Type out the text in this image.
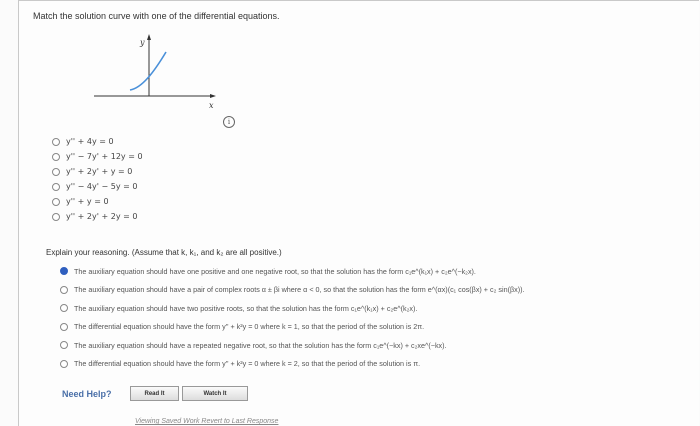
Match the solution curve with one of the differential equations.
y
x
i
y'' + 4y = 0
y'' − 7y' + 12y = 0
y'' + 2y' + y = 0
y'' − 4y' − 5y = 0
y'' + y = 0
y'' + 2y' + 2y = 0
Explain your reasoning. (Assume that k, k₁, and k₂ are all positive.)
The auxiliary equation should have one positive and one negative root, so that the solution has the form c₁e^(k₁x) + c₂e^(−k₂x).
The auxiliary equation should have a pair of complex roots α ± βi where α < 0, so that the solution has the form e^(αx)(c₁ cos(βx) + c₂ sin(βx)).
The auxiliary equation should have two positive roots, so that the solution has the form c₁e^(k₁x) + c₂e^(k₂x).
The differential equation should have the form y'' + k²y = 0 where k = 1, so that the period of the solution is 2π.
The auxiliary equation should have a repeated negative root, so that the solution has the form c₁e^(−kx) + c₂xe^(−kx).
The differential equation should have the form y'' + k²y = 0 where k = 2, so that the period of the solution is π.
Need Help?	Read It	Watch It
Viewing Saved Work Revert to Last Response
